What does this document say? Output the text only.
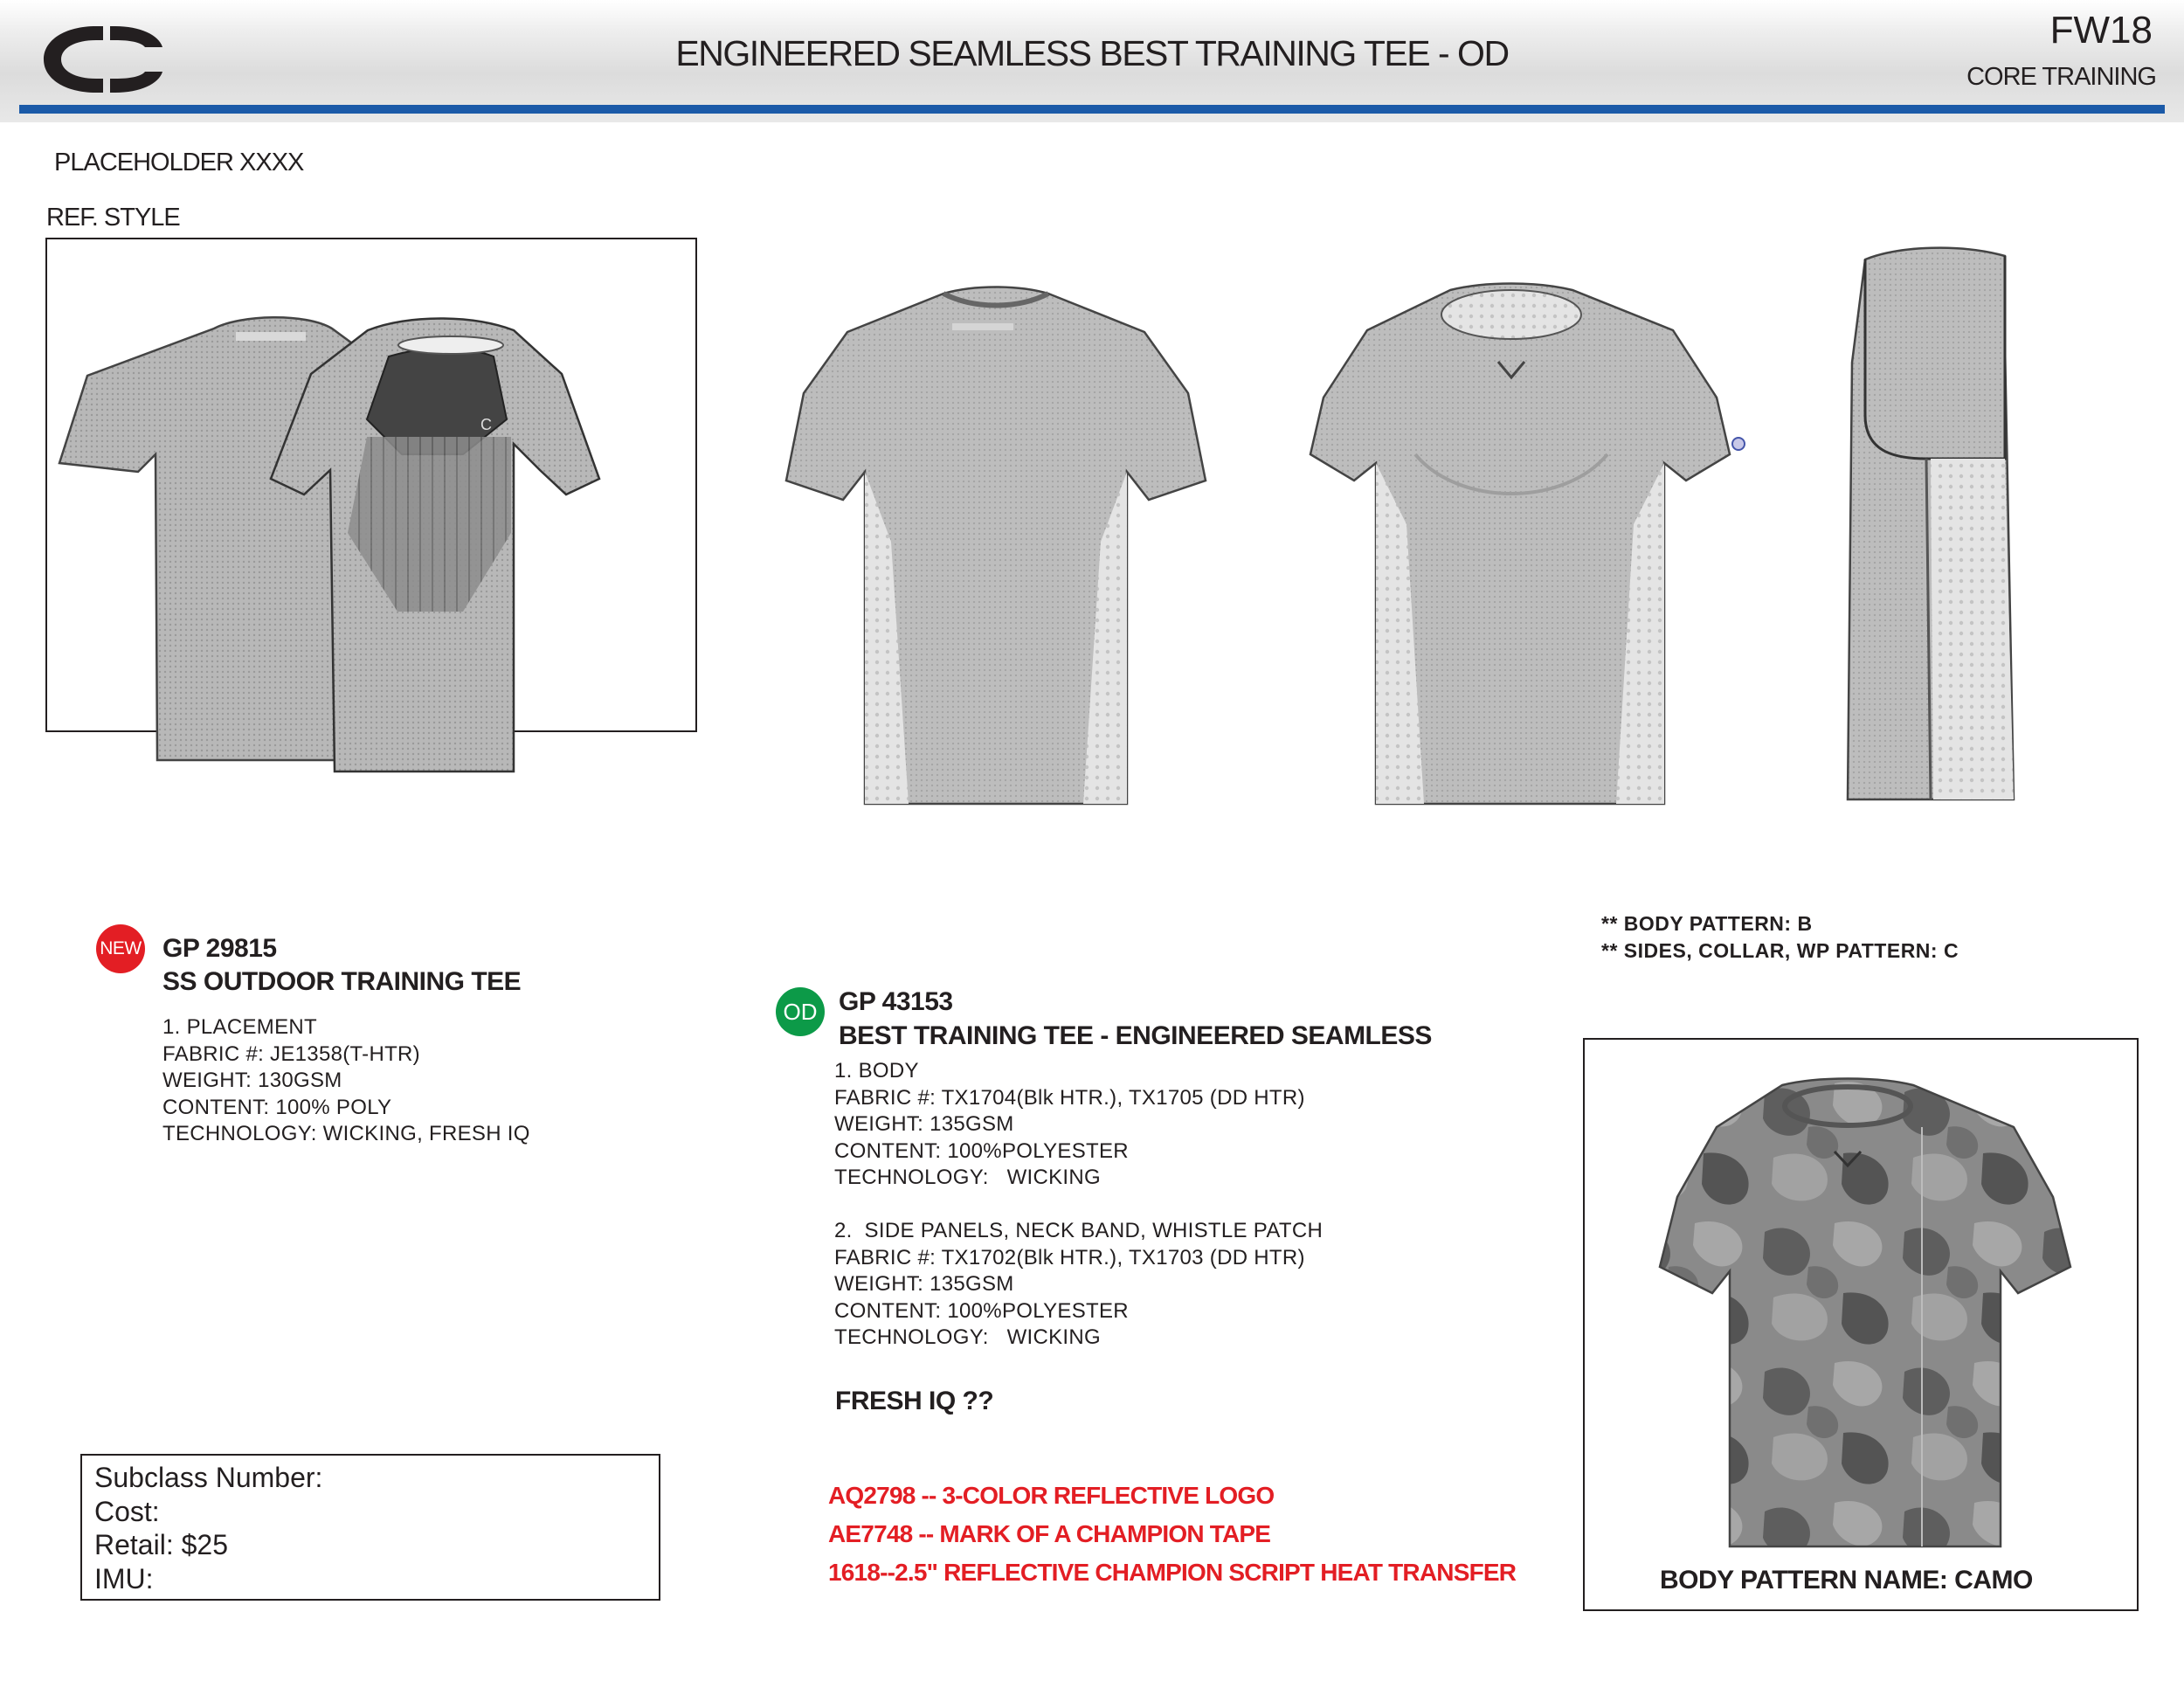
ENGINEERED SEAMLESS BEST TRAINING TEE - OD
FW18
CORE TRAINING
PLACEHOLDER XXXX
REF. STYLE
C
NEW GP 29815
SS OUTDOOR TRAINING TEE
1. PLACEMENT
FABRIC #: JE1358(T-HTR)
WEIGHT: 130GSM
CONTENT: 100% POLY
TECHNOLOGY: WICKING, FRESH IQ
Subclass Number:
Cost:
Retail: $25
IMU:
** BODY PATTERN: B
** SIDES, COLLAR, WP PATTERN: C
OD GP 43153
BEST TRAINING TEE - ENGINEERED SEAMLESS
1. BODY
FABRIC #: TX1704(Blk HTR.), TX1705 (DD HTR)
WEIGHT: 135GSM
CONTENT: 100%POLYESTER
TECHNOLOGY:   WICKING
2.  SIDE PANELS, NECK BAND, WHISTLE PATCH
FABRIC #: TX1702(Blk HTR.), TX1703 (DD HTR)
WEIGHT: 135GSM
CONTENT: 100%POLYESTER
TECHNOLOGY:   WICKING
FRESH IQ ??
AQ2798 -- 3-COLOR REFLECTIVE LOGO
AE7748 -- MARK OF A CHAMPION TAPE
1618--2.5" REFLECTIVE CHAMPION SCRIPT HEAT TRANSFER	BODY PATTERN NAME: CAMO
